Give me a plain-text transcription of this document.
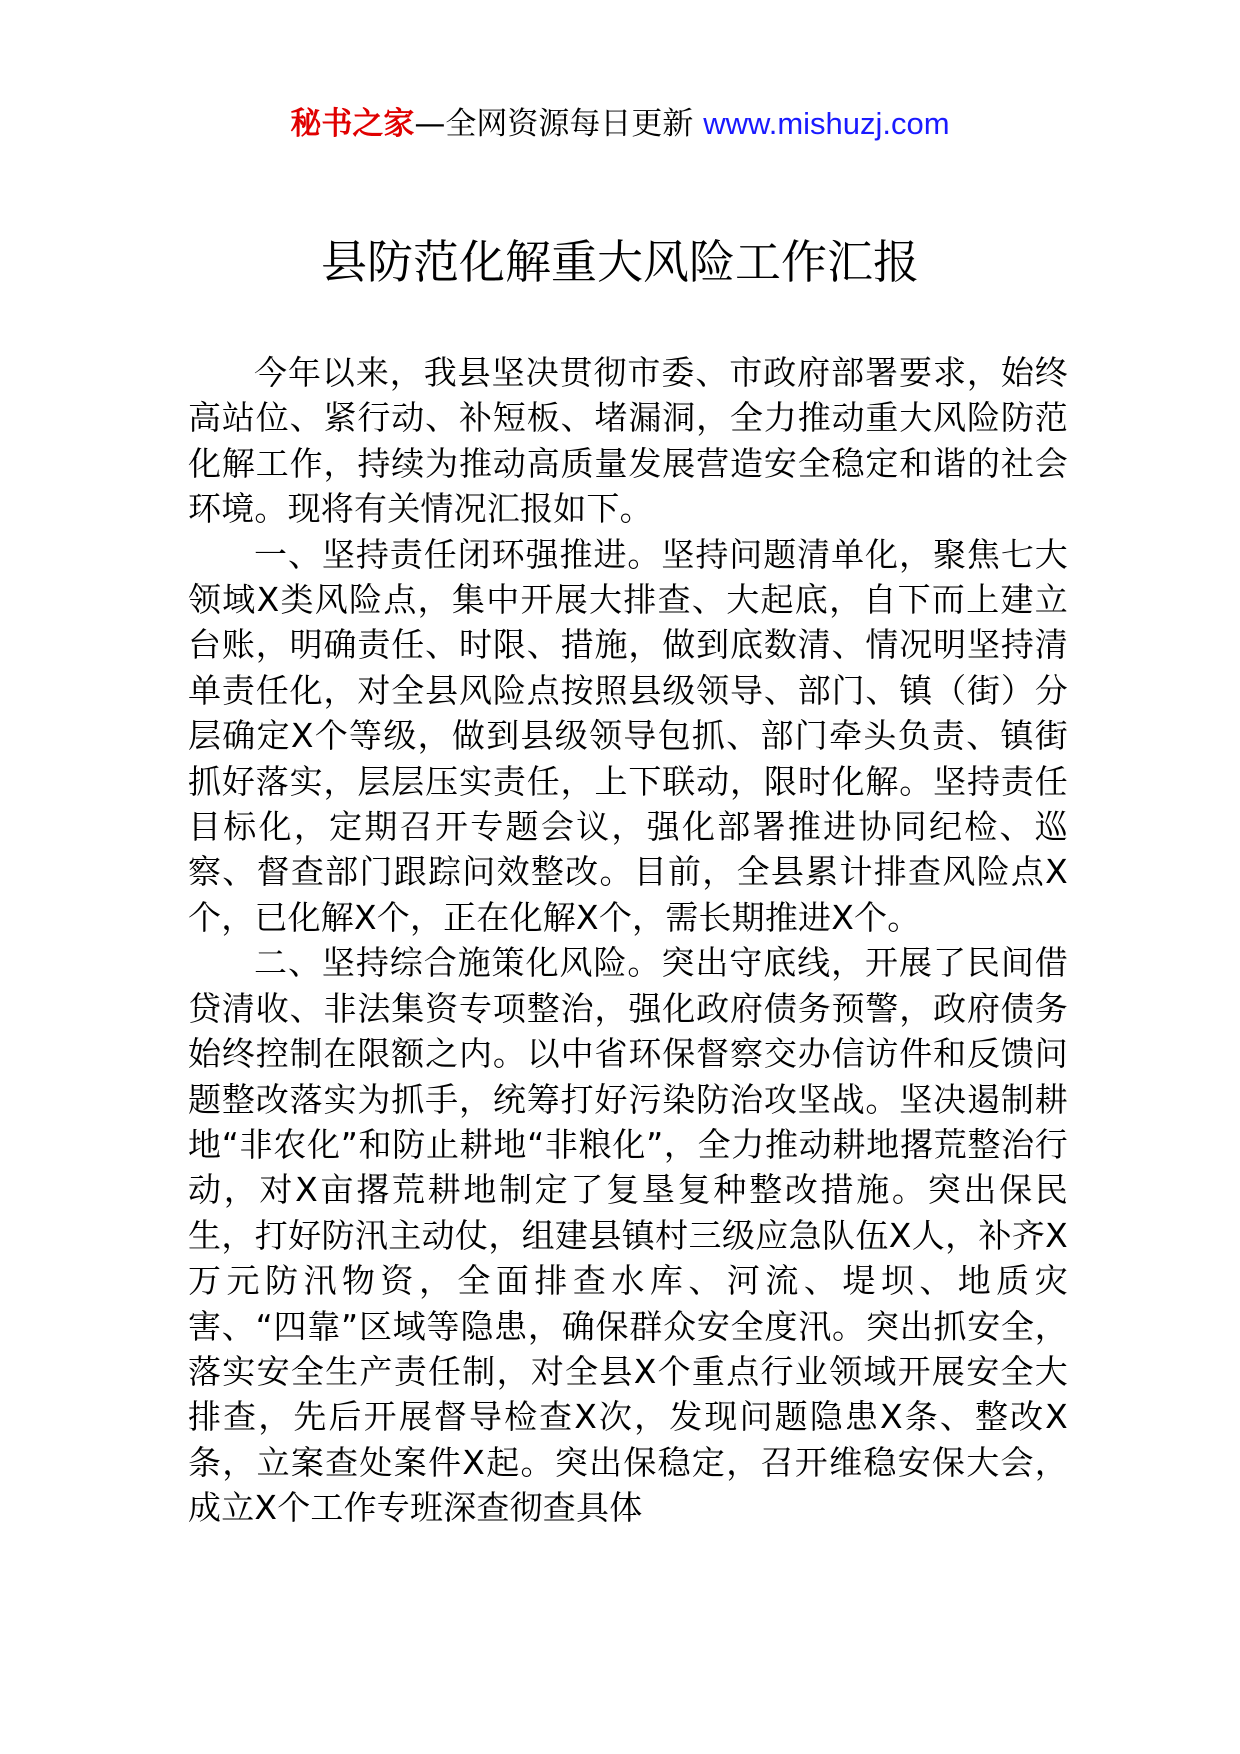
秘书之家—全网资源每日更新 www.mishuzj.com
县防范化解重大风险工作汇报

今年以来，我县坚决贯彻市委、市政府部署要求，始终高站位、紧行动、补短板、堵漏洞，全力推动重大风险防范化解工作，持续为推动高质量发展营造安全稳定和谐的社会环境。现将有关情况汇报如下。

一、坚持责任闭环强推进。坚持问题清单化，聚焦七大领域X类风险点，集中开展大排查、大起底，自下而上建立台账，明确责任、时限、措施，做到底数清、情况明坚持清单责任化，对全县风险点按照县级领导、部门、镇（街）分层确定X个等级，做到县级领导包抓、部门牵头负责、镇街抓好落实，层层压实责任，上下联动，限时化解。坚持责任目标化，定期召开专题会议，强化部署推进协同纪检、巡察、督查部门跟踪问效整改。目前，全县累计排查风险点X个，已化解X个，正在化解X个，需长期推进X个。

二、坚持综合施策化风险。突出守底线，开展了民间借贷清收、非法集资专项整治，强化政府债务预警，政府债务始终控制在限额之内。以中省环保督察交办信访件和反馈问题整改落实为抓手，统筹打好污染防治攻坚战。坚决遏制耕地“非农化”和防止耕地“非粮化”，全力推动耕地撂荒整治行动，对X亩撂荒耕地制定了复垦复种整改措施。突出保民生，打好防汛主动仗，组建县镇村三级应急队伍X人，补齐X万元防汛物资，全面排查水库、河流、堤坝、地质灾害、“四靠”区域等隐患，确保群众安全度汛。突出抓安全，落实安全生产责任制，对全县X个重点行业领域开展安全大排查，先后开展督导检查X次，发现问题隐患X条、整改X条，立案查处案件X起。突出保稳定，召开维稳安保大会，成立X个工作专班深查彻查具体
